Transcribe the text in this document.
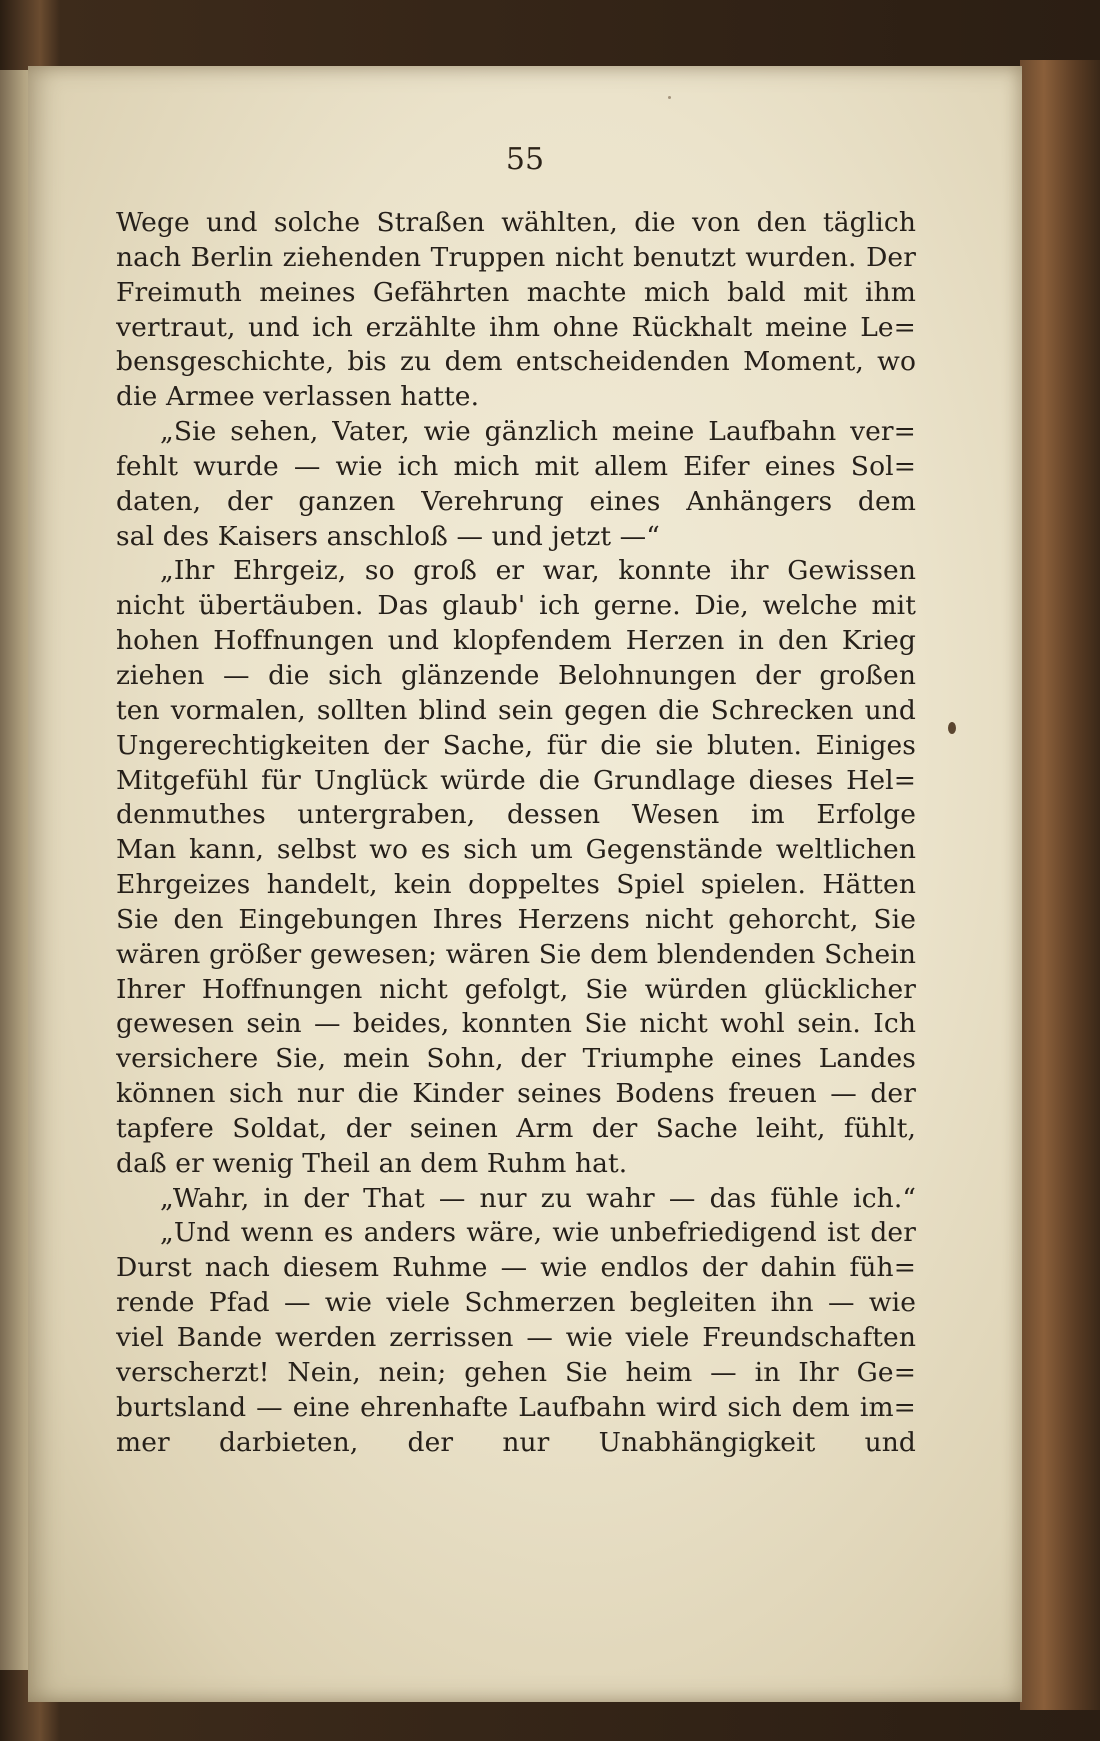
55
Wege und solche Straßen wählten, die von den täglich
nach Berlin ziehenden Truppen nicht benutzt wurden. Der
Freimuth meines Gefährten machte mich bald mit ihm
vertraut, und ich erzählte ihm ohne Rückhalt meine Le=
bensgeschichte, bis zu dem entscheidenden Moment, wo
die Armee verlassen hatte.
„Sie sehen, Vater, wie gänzlich meine Laufbahn ver=
fehlt wurde — wie ich mich mit allem Eifer eines Sol=
daten, der ganzen Verehrung eines Anhängers dem
sal des Kaisers anschloß — und jetzt —“
„Ihr Ehrgeiz, so groß er war, konnte ihr Gewissen
nicht übertäuben. Das glaub' ich gerne. Die, welche mit
hohen Hoffnungen und klopfendem Herzen in den Krieg
ziehen — die sich glänzende Belohnungen der großen
ten vormalen, sollten blind sein gegen die Schrecken und
Ungerechtigkeiten der Sache, für die sie bluten. Einiges
Mitgefühl für Unglück würde die Grundlage dieses Hel=
denmuthes untergraben, dessen Wesen im Erfolge
Man kann, selbst wo es sich um Gegenstände weltlichen
Ehrgeizes handelt, kein doppeltes Spiel spielen. Hätten
Sie den Eingebungen Ihres Herzens nicht gehorcht, Sie
wären größer gewesen; wären Sie dem blendenden Schein
Ihrer Hoffnungen nicht gefolgt, Sie würden glücklicher
gewesen sein — beides, konnten Sie nicht wohl sein. Ich
versichere Sie, mein Sohn, der Triumphe eines Landes
können sich nur die Kinder seines Bodens freuen — der
tapfere Soldat, der seinen Arm der Sache leiht, fühlt,
daß er wenig Theil an dem Ruhm hat.
„Wahr, in der That — nur zu wahr — das fühle ich.“
„Und wenn es anders wäre, wie unbefriedigend ist der
Durst nach diesem Ruhme — wie endlos der dahin füh=
rende Pfad — wie viele Schmerzen begleiten ihn — wie
viel Bande werden zerrissen — wie viele Freundschaften
verscherzt! Nein, nein; gehen Sie heim — in Ihr Ge=
burtsland — eine ehrenhafte Laufbahn wird sich dem im=
mer darbieten, der nur Unabhängigkeit und
